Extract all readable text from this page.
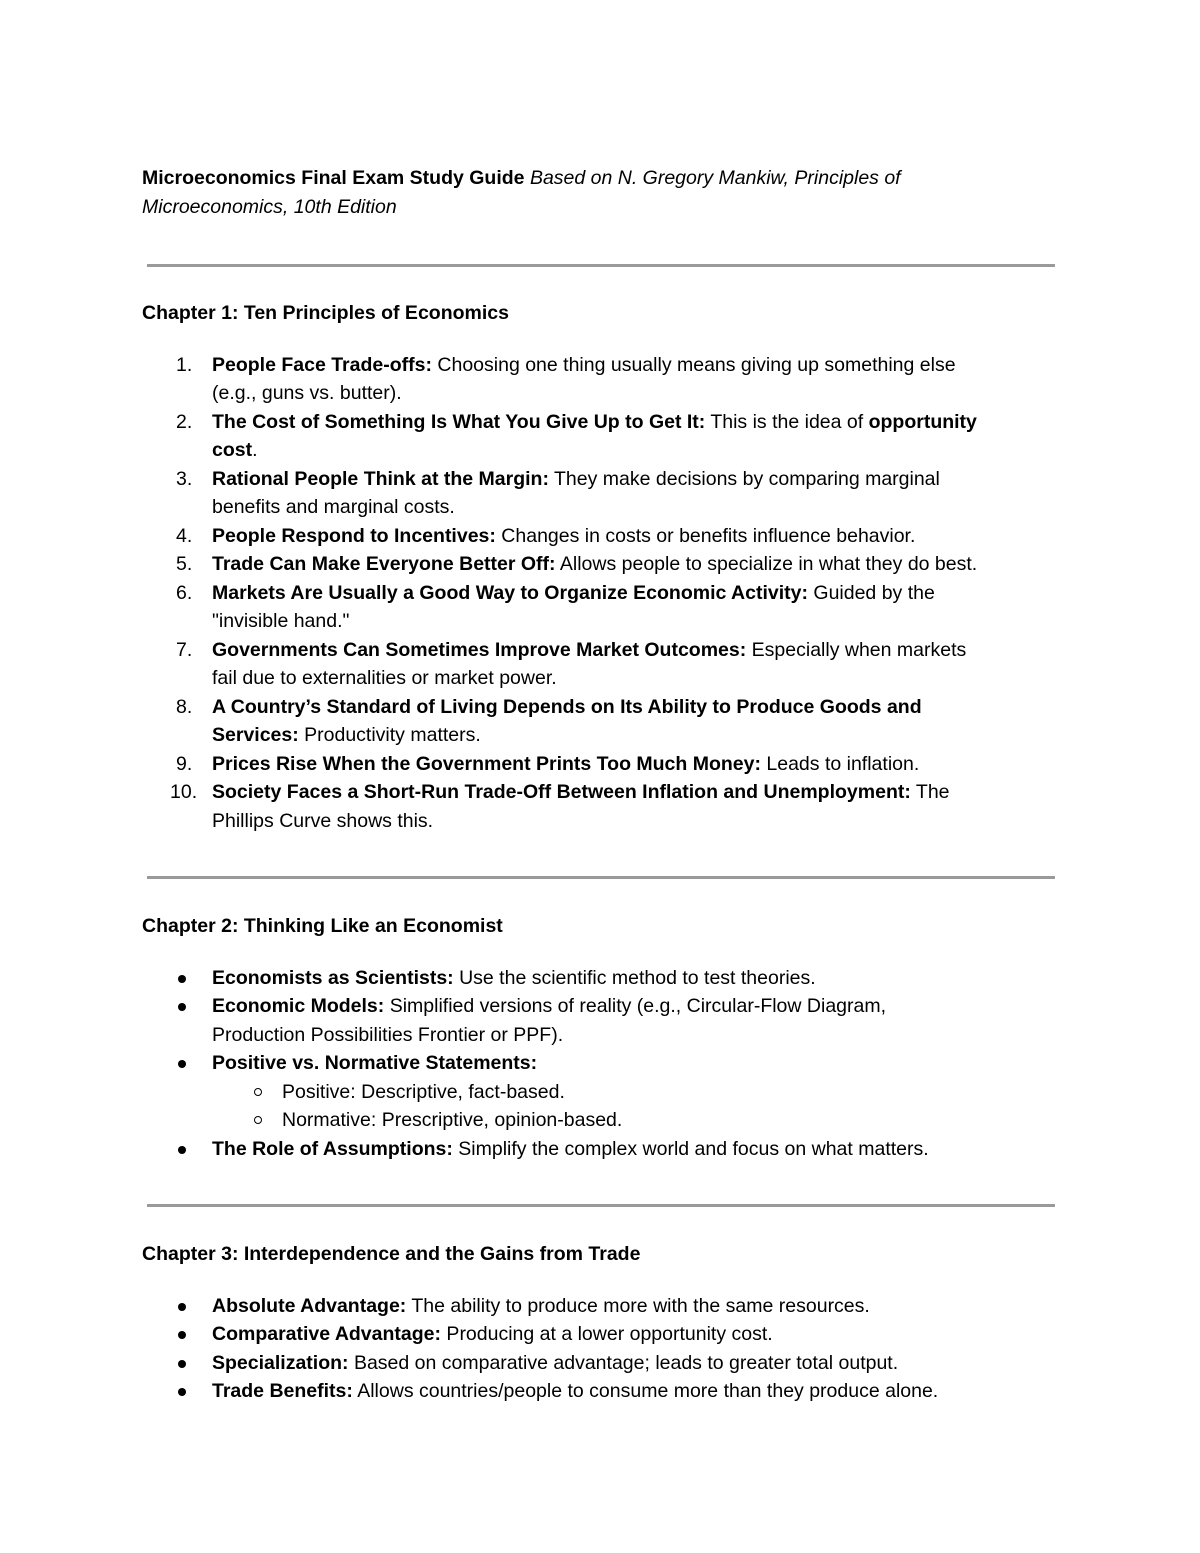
Microeconomics Final Exam Study Guide Based on N. Gregory Mankiw, Principles of
Microeconomics, 10th Edition
Chapter 1: Ten Principles of Economics
1. People Face Trade-offs: Choosing one thing usually means giving up something else
(e.g., guns vs. butter).
2. The Cost of Something Is What You Give Up to Get It: This is the idea of opportunity
cost.
3. Rational People Think at the Margin: They make decisions by comparing marginal
benefits and marginal costs.
4. People Respond to Incentives: Changes in costs or benefits influence behavior.
5. Trade Can Make Everyone Better Off: Allows people to specialize in what they do best.
6. Markets Are Usually a Good Way to Organize Economic Activity: Guided by the
"invisible hand."
7. Governments Can Sometimes Improve Market Outcomes: Especially when markets
fail due to externalities or market power.
8. A Country’s Standard of Living Depends on Its Ability to Produce Goods and
Services: Productivity matters.
9. Prices Rise When the Government Prints Too Much Money: Leads to inflation.
10. Society Faces a Short-Run Trade-Off Between Inflation and Unemployment: The
Phillips Curve shows this.
Chapter 2: Thinking Like an Economist
Economists as Scientists: Use the scientific method to test theories.
Economic Models: Simplified versions of reality (e.g., Circular-Flow Diagram,
Production Possibilities Frontier or PPF).
Positive vs. Normative Statements:
Positive: Descriptive, fact-based.
Normative: Prescriptive, opinion-based.
The Role of Assumptions: Simplify the complex world and focus on what matters.
Chapter 3: Interdependence and the Gains from Trade
Absolute Advantage: The ability to produce more with the same resources.
Comparative Advantage: Producing at a lower opportunity cost.
Specialization: Based on comparative advantage; leads to greater total output.
Trade Benefits: Allows countries/people to consume more than they produce alone.
